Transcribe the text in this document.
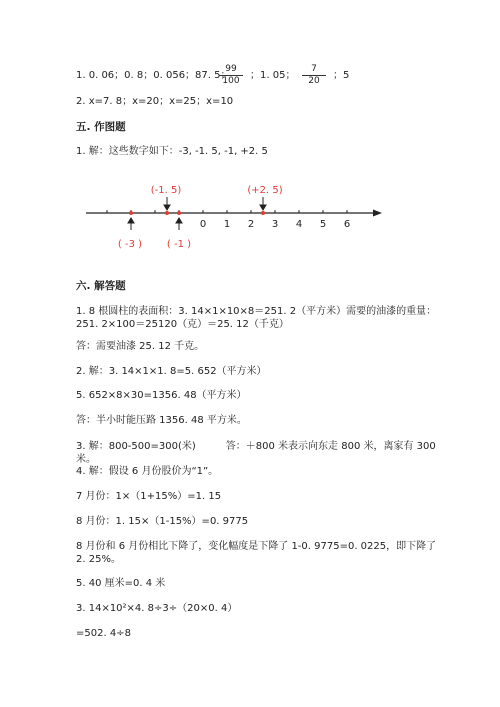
1. 0. 06；0. 8；0. 056；87. 5；
$\frac{99}{100}$ ；1. 05； $\frac{7}{20}$ ；5
2. x=7. 8；x=20；x=25；x=10
五. 作图题
1. 解：这些数字如下：-3, -1. 5, -1, +2. 5
(-1. 5)	(+2. 5)
( -3 ) ( -1 )
0 1 2 3 4 5 6
六. 解答题
1. 8 根圆柱的表面积：3. 14×1×10×8＝251. 2（平方米）需要的油漆的重量：
251. 2×100＝25120（克）＝25. 12（千克）
答：需要油漆 25. 12 千克。
2. 解：3. 14×1×1. 8=5. 652（平方米）
5. 652×8×30=1356. 48（平方米）
答：半小时能压路 1356. 48 平方米。
3. 解：800-500=300(米)　　　答：＋800 米表示向东走 800 米，离家有 300
米。
4. 解：假设 6 月份股价为“1”。
7 月份：1×（1+15%）=1. 15
8 月份：1. 15×（1-15%）=0. 9775
8 月份和 6 月份相比下降了，变化幅度是下降了 1-0. 9775=0. 0225，即下降了
2. 25%。
5. 40 厘米=0. 4 米
3. 14×10²×4. 8÷3÷（20×0. 4）
=502. 4÷8
